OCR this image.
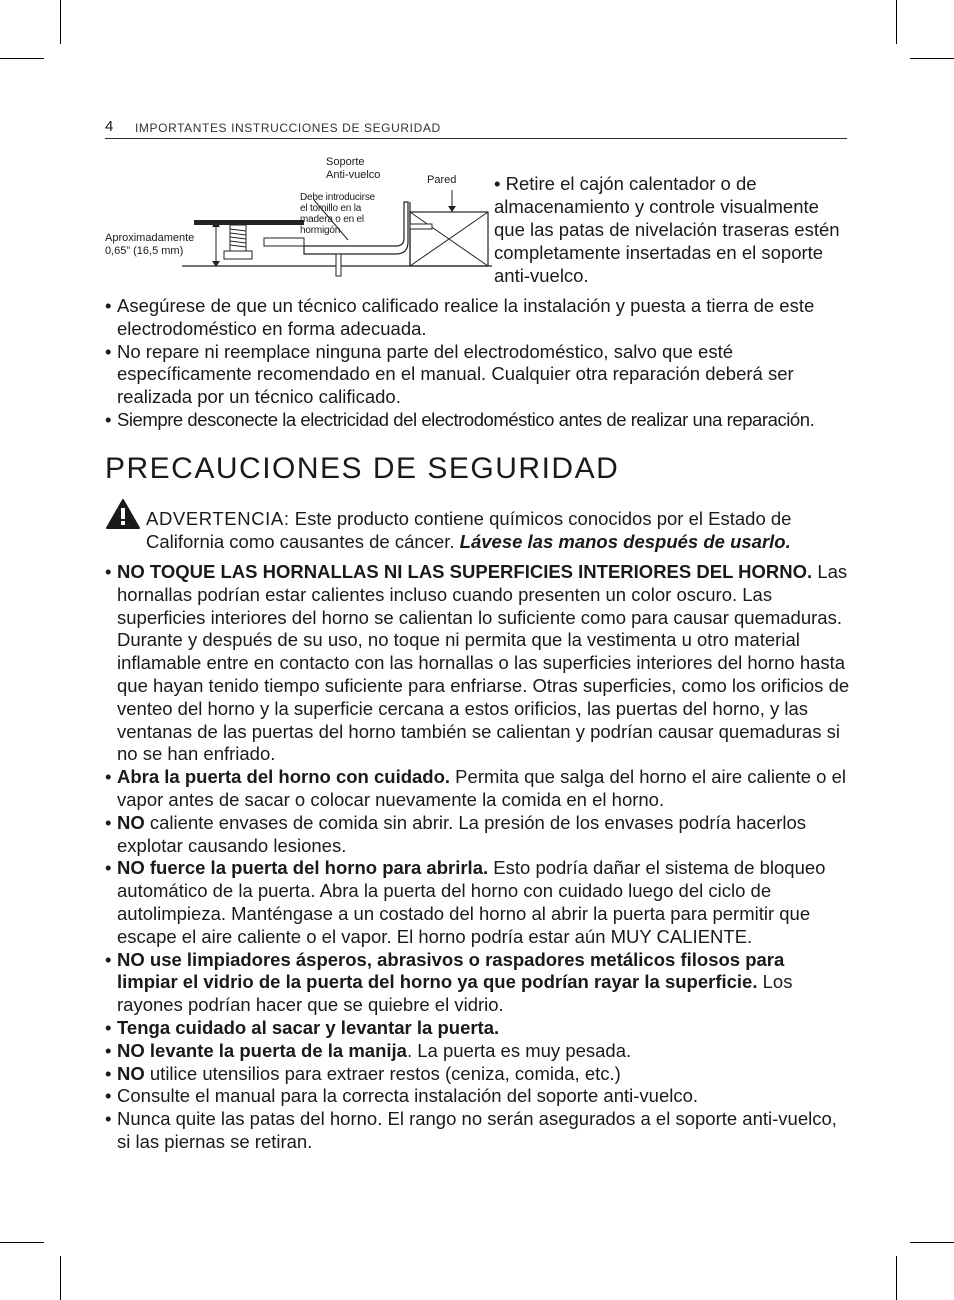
4 IMPORTANTES INSTRUCCIONES DE SEGURIDAD
Soporte
Anti-vuelco	Pared
Debe introducirse
el tornillo en la
madera o en el
hormigón
Aproximadamente
0,65” (16,5 mm)
• Retire el cajón calentador o de almacenamiento y controle visualmente que las patas de nivelación traseras estén completamente insertadas en el soporte anti-vuelco.
• Asegúrese de que un técnico calificado realice la instalación y puesta a tierra de este electrodoméstico en forma adecuada.
• No repare ni reemplace ninguna parte del electrodoméstico, salvo que esté específicamente recomendado en el manual. Cualquier otra reparación deberá ser realizada por un técnico calificado.
• Siempre desconecte la electricidad del electrodoméstico antes de realizar una reparación.
PRECAUCIONES DE SEGURIDAD
ADVERTENCIA: Este producto contiene químicos conocidos por el Estado de California como causantes de cáncer. Lávese las manos después de usarlo.
• NO TOQUE LAS HORNALLAS NI LAS SUPERFICIES INTERIORES DEL HORNO. Las hornallas podrían estar calientes incluso cuando presenten un color oscuro. Las superficies interiores del horno se calientan lo suficiente como para causar quemaduras. Durante y después de su uso, no toque ni permita que la vestimenta u otro material inflamable entre en contacto con las hornallas o las superficies interiores del horno hasta que hayan tenido tiempo suficiente para enfriarse. Otras superficies, como los orificios de venteo del horno y la superficie cercana a estos orificios, las puertas del horno, y las ventanas de las puertas del horno también se calientan y podrían causar quemaduras si no se han enfriado.
• Abra la puerta del horno con cuidado. Permita que salga del horno el aire caliente o el vapor antes de sacar o colocar nuevamente la comida en el horno.
• NO caliente envases de comida sin abrir. La presión de los envases podría hacerlos explotar causando lesiones.
• NO fuerce la puerta del horno para abrirla. Esto podría dañar el sistema de bloqueo automático de la puerta. Abra la puerta del horno con cuidado luego del ciclo de autolimpieza. Manténgase a un costado del horno al abrir la puerta para permitir que escape el aire caliente o el vapor. El horno podría estar aún MUY CALIENTE.
• NO use limpiadores ásperos, abrasivos o raspadores metálicos filosos para limpiar el vidrio de la puerta del horno ya que podrían rayar la superficie. Los rayones podrían hacer que se quiebre el vidrio.
• Tenga cuidado al sacar y levantar la puerta.
• NO levante la puerta de la manija. La puerta es muy pesada.
• NO utilice utensilios para extraer restos (ceniza, comida, etc.)
• Consulte el manual para la correcta instalación del soporte anti-vuelco.
• Nunca quite las patas del horno. El rango no serán asegurados a el soporte anti-vuelco, si las piernas se retiran.
